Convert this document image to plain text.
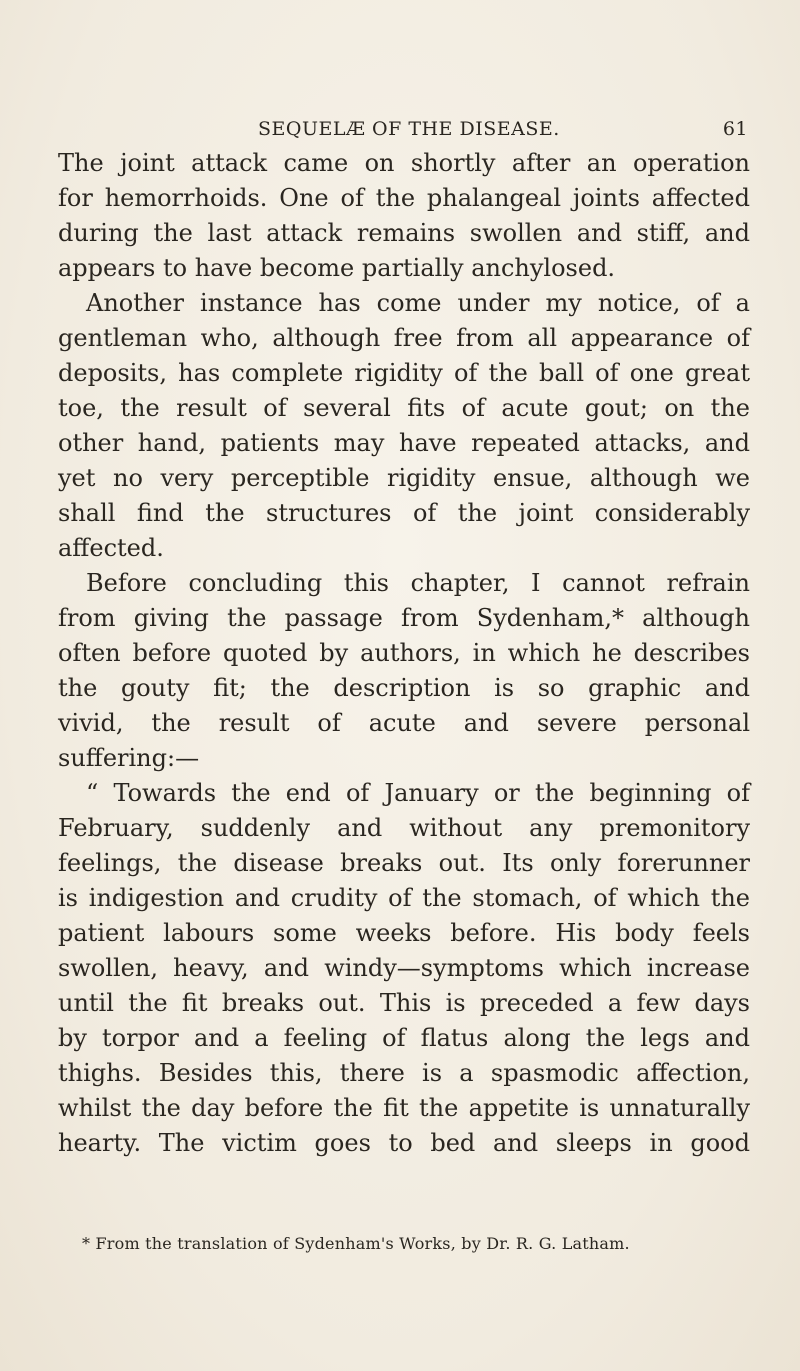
SEQUELÆ OF THE DISEASE.	61
The joint attack came on shortly after an operation
for hemorrhoids. One of the phalangeal joints affected
during the last attack remains swollen and stiff, and
appears to have become partially anchylosed.
Another instance has come under my notice, of a
gentleman who, although free from all appearance of
deposits, has complete rigidity of the ball of one great
toe, the result of several fits of acute gout; on the
other hand, patients may have repeated attacks, and
yet no very perceptible rigidity ensue, although we
shall find the structures of the joint considerably
affected.
Before concluding this chapter, I cannot refrain
from giving the passage from Sydenham,* although
often before quoted by authors, in which he describes
the gouty fit; the description is so graphic and
vivid, the result of acute and severe personal
suffering:—
“ Towards the end of January or the beginning of
February, suddenly and without any premonitory
feelings, the disease breaks out. Its only forerunner
is indigestion and crudity of the stomach, of which the
patient labours some weeks before. His body feels
swollen, heavy, and windy—symptoms which increase
until the fit breaks out. This is preceded a few days
by torpor and a feeling of flatus along the legs and
thighs. Besides this, there is a spasmodic affection,
whilst the day before the fit the appetite is unnaturally
hearty. The victim goes to bed and sleeps in good
* From the translation of Sydenham's Works, by Dr. R. G. Latham.
